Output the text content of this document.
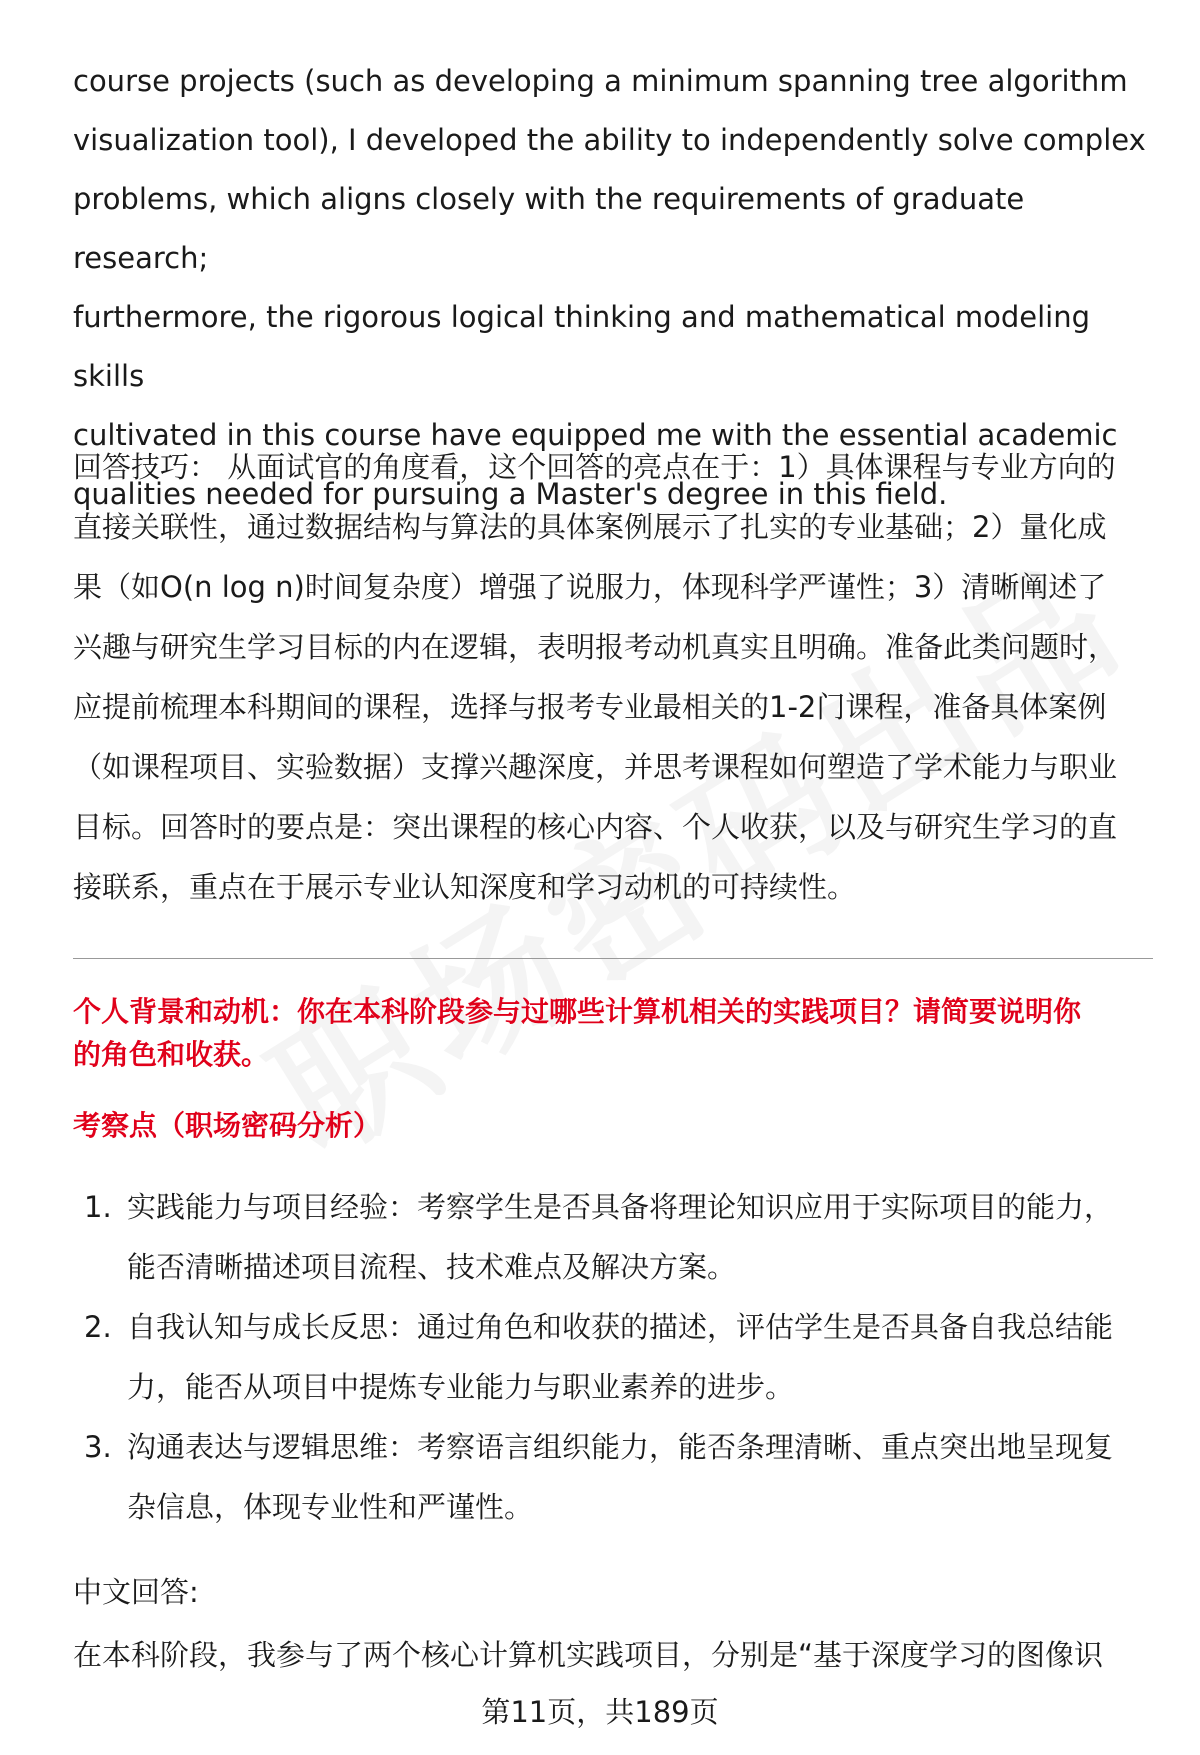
course projects (such as developing a minimum spanning tree algorithm
visualization tool), I developed the ability to independently solve complex
problems, which aligns closely with the requirements of graduate research;
furthermore, the rigorous logical thinking and mathematical modeling skills
cultivated in this course have equipped me with the essential academic
qualities needed for pursuing a Master's degree in this field.

回答技巧： 从面试官的角度看，这个回答的亮点在于：1）具体课程与专业方向的
直接关联性，通过数据结构与算法的具体案例展示了扎实的专业基础；2）量化成
果（如O(n log n)时间复杂度）增强了说服力，体现科学严谨性；3）清晰阐述了
兴趣与研究生学习目标的内在逻辑，表明报考动机真实且明确。准备此类问题时，
应提前梳理本科期间的课程，选择与报考专业最相关的1-2门课程，准备具体案例
（如课程项目、实验数据）支撑兴趣深度，并思考课程如何塑造了学术能力与职业
目标。回答时的要点是：突出课程的核心内容、个人收获，以及与研究生学习的直
接联系，重点在于展示专业认知深度和学习动机的可持续性。

个人背景和动机：你在本科阶段参与过哪些计算机相关的实践项目？请简要说明你
的角色和收获。

考察点（职场密码分析）

1. 实践能力与项目经验：考察学生是否具备将理论知识应用于实际项目的能力，
能否清晰描述项目流程、技术难点及解决方案。
2. 自我认知与成长反思：通过角色和收获的描述，评估学生是否具备自我总结能
力，能否从项目中提炼专业能力与职业素养的进步。
3. 沟通表达与逻辑思维：考察语言组织能力，能否条理清晰、重点突出地呈现复
杂信息，体现专业性和严谨性。

中文回答:

在本科阶段，我参与了两个核心计算机实践项目，分别是“基于深度学习的图像识

第11页，共189页
